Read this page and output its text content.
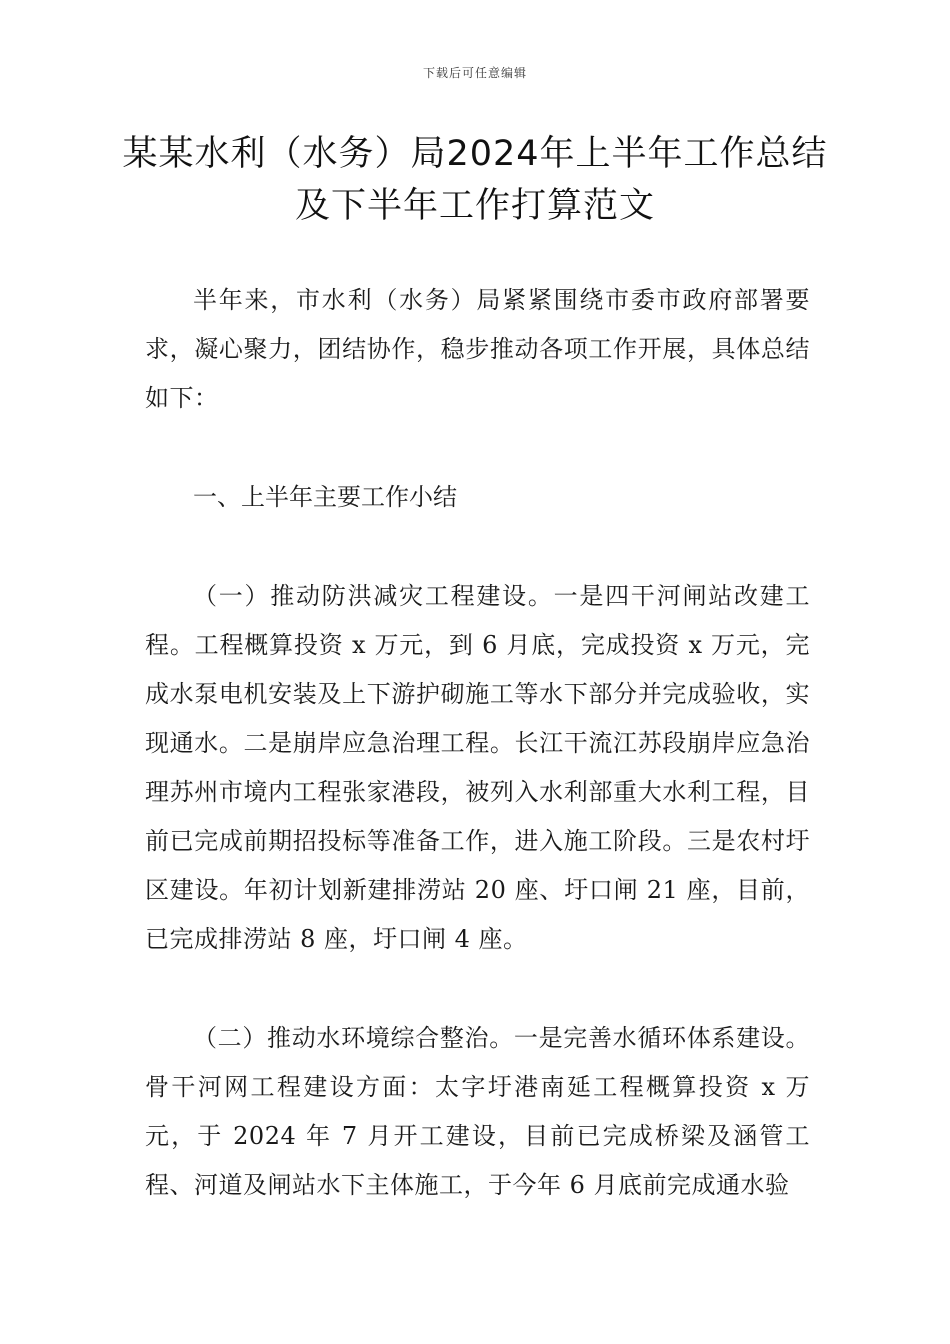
下载后可任意编辑
某某水利（水务）局2024年上半年工作总结及下半年工作打算范文

半年来，市水利（水务）局紧紧围绕市委市政府部署要求，凝心聚力，团结协作，稳步推动各项工作开展，具体总结如下：

一、上半年主要工作小结

（一）推动防洪减灾工程建设。一是四干河闸站改建工程。工程概算投资 x 万元，到 6 月底，完成投资 x 万元，完成水泵电机安装及上下游护砌施工等水下部分并完成验收，实现通水。二是崩岸应急治理工程。长江干流江苏段崩岸应急治理苏州市境内工程张家港段，被列入水利部重大水利工程，目前已完成前期招投标等准备工作，进入施工阶段。三是农村圩区建设。年初计划新建排涝站 20 座、圩口闸 21 座，目前，已完成排涝站 8 座，圩口闸 4 座。

（二）推动水环境综合整治。一是完善水循环体系建设。骨干河网工程建设方面：太字圩港南延工程概算投资 x 万元，于 2024 年 7 月开工建设，目前已完成桥梁及涵管工程、河道及闸站水下主体施工，于今年 6 月底前完成通水验
